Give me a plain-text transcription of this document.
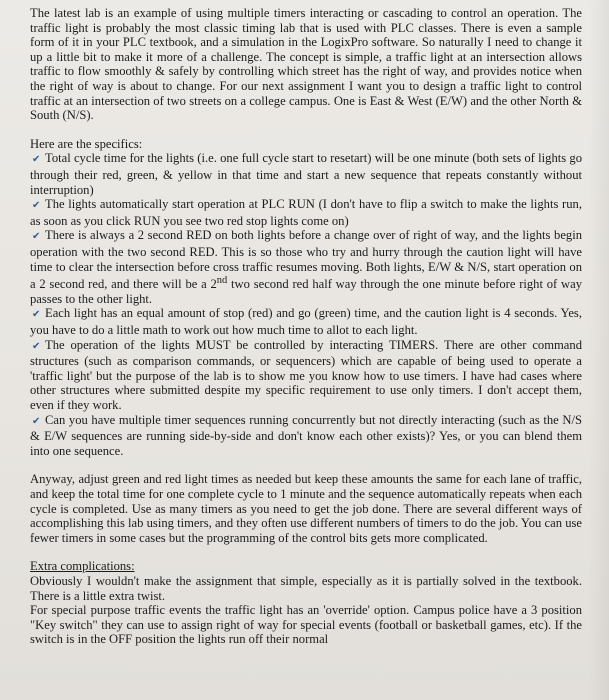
The latest lab is an example of using multiple timers interacting or cascading to control an operation. The traffic light is probably the most classic timing lab that is used with PLC classes. There is even a sample form of it in your PLC textbook, and a simulation in the LogixPro software. So naturally I need to change it up a little bit to make it more of a challenge. The concept is simple, a traffic light at an intersection allows traffic to flow smoothly & safely by controlling which street has the right of way, and provides notice when the right of way is about to change. For our next assignment I want you to design a traffic light to control traffic at an intersection of two streets on a college campus. One is East & West (E/W) and the other North & South (N/S).

Here are the specifics:

✔ Total cycle time for the lights (i.e. one full cycle start to resetart) will be one minute (both sets of lights go through their red, green, & yellow in that time and start a new sequence that repeats constantly without interruption)
✔ The lights automatically start operation at PLC RUN (I don't have to flip a switch to make the lights run, as soon as you click RUN you see two red stop lights come on)
✔ There is always a 2 second RED on both lights before a change over of right of way, and the lights begin operation with the two second RED. This is so those who try and hurry through the caution light will have time to clear the intersection before cross traffic resumes moving. Both lights, E/W & N/S, start operation on a 2 second red, and there will be a 2nd two second red half way through the one minute before right of way passes to the other light.
✔ Each light has an equal amount of stop (red) and go (green) time, and the caution light is 4 seconds. Yes, you have to do a little math to work out how much time to allot to each light.
✔ The operation of the lights MUST be controlled by interacting TIMERS. There are other command structures (such as comparison commands, or sequencers) which are capable of being used to operate a 'traffic light' but the purpose of the lab is to show me you know how to use timers. I have had cases where other structures where submitted despite my specific requirement to use only timers. I don't accept them, even if they work.
✔ Can you have multiple timer sequences running concurrently but not directly interacting (such as the N/S & E/W sequences are running side-by-side and don't know each other exists)? Yes, or you can blend them into one sequence.

Anyway, adjust green and red light times as needed but keep these amounts the same for each lane of traffic, and keep the total time for one complete cycle to 1 minute and the sequence automatically repeats when each cycle is completed. Use as many timers as you need to get the job done. There are several different ways of accomplishing this lab using timers, and they often use different numbers of timers to do the job. You can use fewer timers in some cases but the programming of the control bits gets more complicated.

Extra complications:

Obviously I wouldn't make the assignment that simple, especially as it is partially solved in the textbook. There is a little extra twist.

For special purpose traffic events the traffic light has an 'override' option. Campus police have a 3 position "Key switch" they can use to assign right of way for special events (football or basketball games, etc). If the switch is in the OFF position the lights run off their normal
